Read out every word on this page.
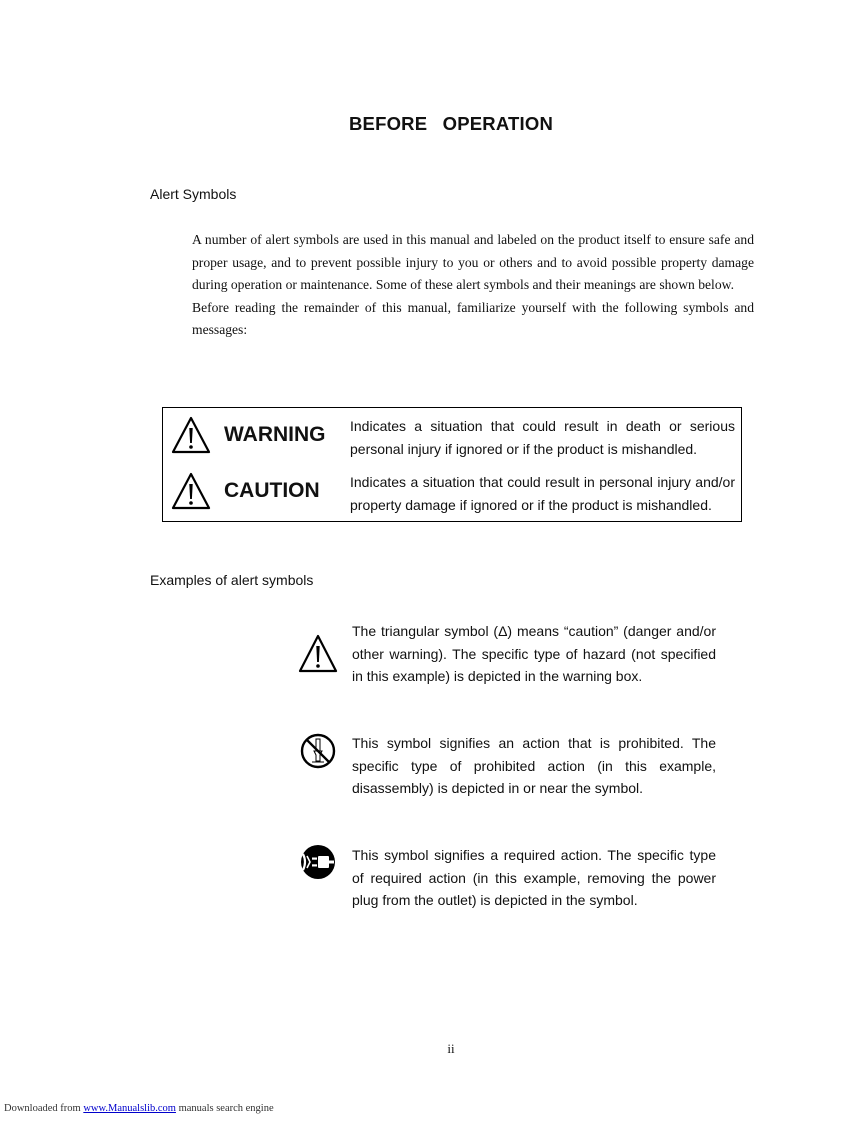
BEFORE OPERATION
Alert Symbols

A number of alert symbols are used in this manual and labeled on the product itself to ensure safe and proper usage, and to prevent possible injury to you or others and to avoid possible property damage during operation or maintenance. Some of these alert symbols and their meanings are shown below.

Before reading the remainder of this manual, familiarize yourself with the following symbols and messages:

WARNING Indicates a situation that could result in death or serious personal injury if ignored or if the product is mishandled.
CAUTION Indicates a situation that could result in personal injury and/or property damage if ignored or if the product is mishandled.
Examples of alert symbols
The triangular symbol (Δ) means “caution” (danger and/or other warning). The specific type of hazard (not specified in this example) is depicted in the warning box.
This symbol signifies an action that is prohibited. The specific type of prohibited action (in this example, disassembly) is depicted in or near the symbol.
This symbol signifies a required action. The specific type of required action (in this example, removing the power plug from the outlet) is depicted in the symbol.
ii
Downloaded from www.Manualslib.com manuals search engine
